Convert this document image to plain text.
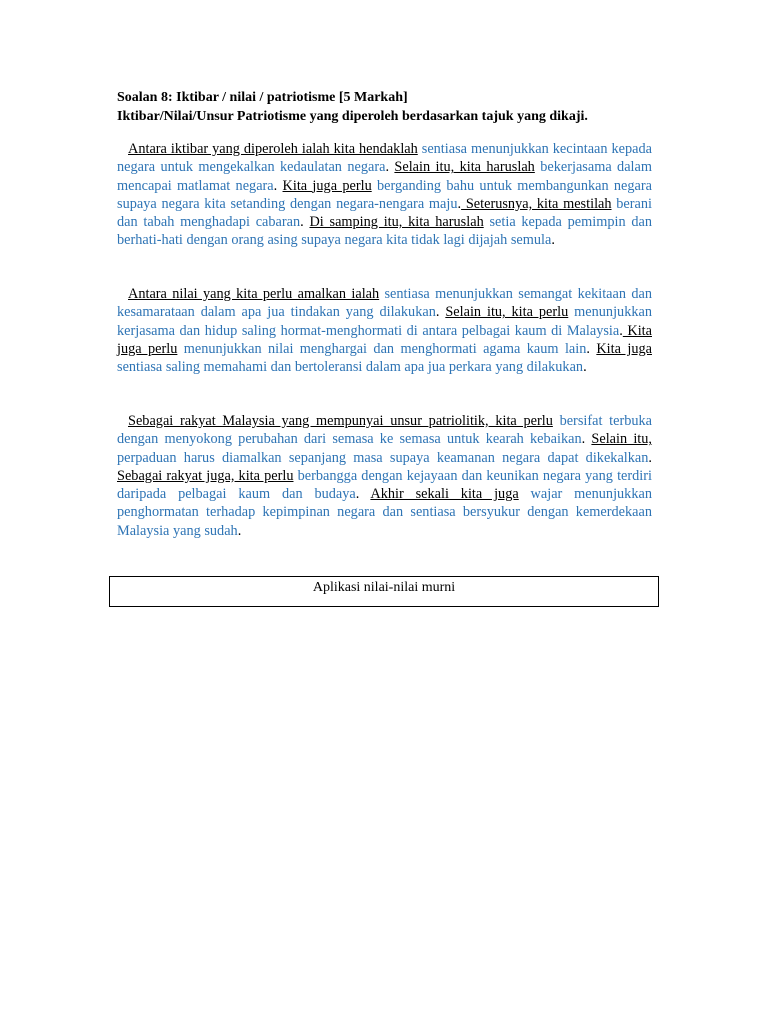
Soalan 8: Iktibar / nilai / patriotisme [5 Markah]
Iktibar/Nilai/Unsur Patriotisme yang diperoleh berdasarkan tajuk yang dikaji.
Antara iktibar yang diperoleh ialah kita hendaklah sentiasa menunjukkan kecintaan kepada negara untuk mengekalkan kedaulatan negara. Selain itu, kita haruslah bekerjasama dalam mencapai matlamat negara. Kita juga perlu berganding bahu untuk membangunkan negara supaya negara kita setanding dengan negara-nengara maju. Seterusnya, kita mestilah berani dan tabah menghadapi cabaran. Di samping itu, kita haruslah setia kepada pemimpin dan berhati-hati dengan orang asing supaya negara kita tidak lagi dijajah semula.
Antara nilai yang kita perlu amalkan ialah sentiasa menunjukkan semangat kekitaan dan kesamarataan dalam apa jua tindakan yang dilakukan. Selain itu, kita perlu menunjukkan kerjasama dan hidup saling hormat-menghormati di antara pelbagai kaum di Malaysia. Kita juga perlu menunjukkan nilai menghargai dan menghormati agama kaum lain. Kita juga sentiasa saling memahami dan bertoleransi dalam apa jua perkara yang dilakukan.
Sebagai rakyat Malaysia yang mempunyai unsur patriolitik, kita perlu bersifat terbuka dengan menyokong perubahan dari semasa ke semasa untuk kearah kebaikan. Selain itu, perpaduan harus diamalkan sepanjang masa supaya keamanan negara dapat dikekalkan. Sebagai rakyat juga, kita perlu berbangga dengan kejayaan dan keunikan negara yang terdiri daripada pelbagai kaum dan budaya. Akhir sekali kita juga wajar menunjukkan penghormatan terhadap kepimpinan negara dan sentiasa bersyukur dengan kemerdekaan Malaysia yang sudah.
Aplikasi nilai-nilai murni
